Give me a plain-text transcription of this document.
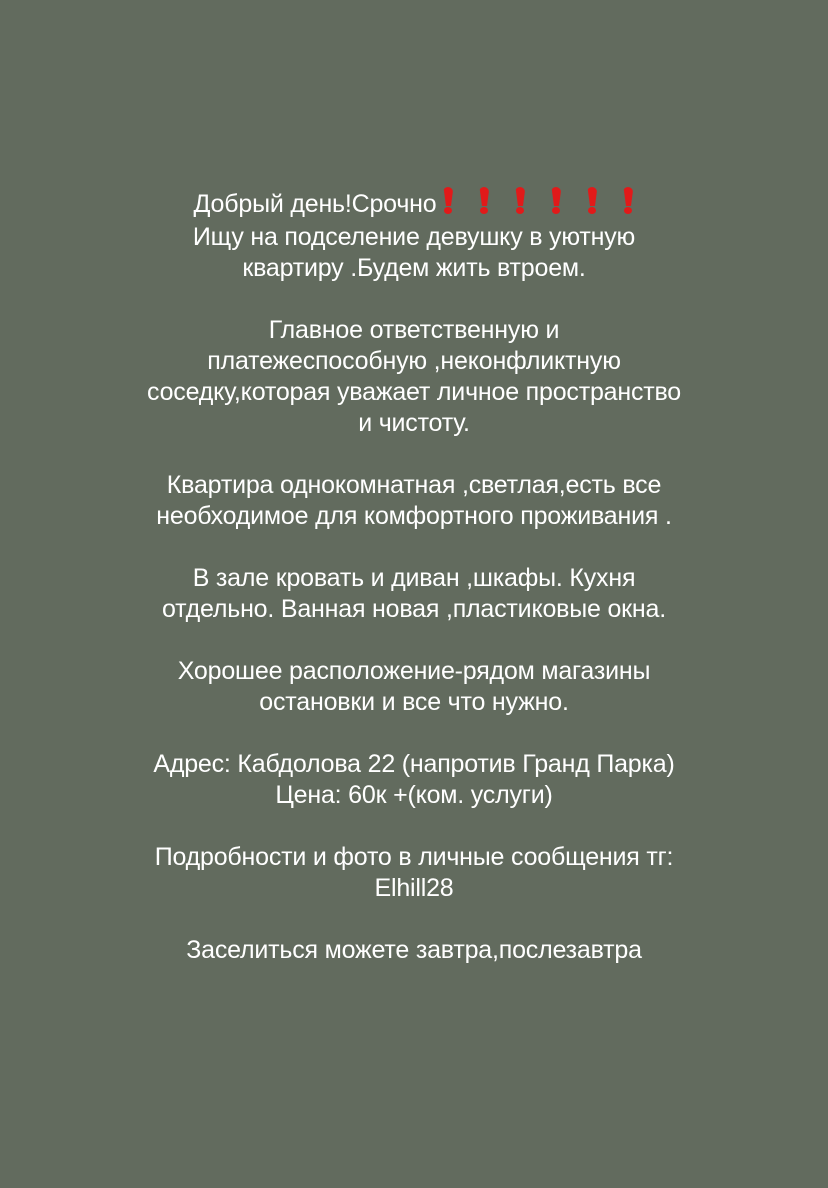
Добрый день!Срочно
Ищу на подселение девушку в уютную
квартиру .Будем жить втроем.

Главное ответственную и
платежеспособную ,неконфликтную
соседку,которая уважает личное пространство
и чистоту.

Квартира однокомнатная ,светлая,есть все
необходимое для комфортного проживания .

В зале кровать и диван ,шкафы. Кухня
отдельно. Ванная новая ,пластиковые окна.

Хорошее расположение-рядом магазины
остановки и все что нужно.

Адрес: Кабдолова 22 (напротив Гранд Парка)
Цена: 60к +(ком. услуги)

Подробности и фото в личные сообщения тг:
Elhill28

Заселиться можете завтра,послезавтра
